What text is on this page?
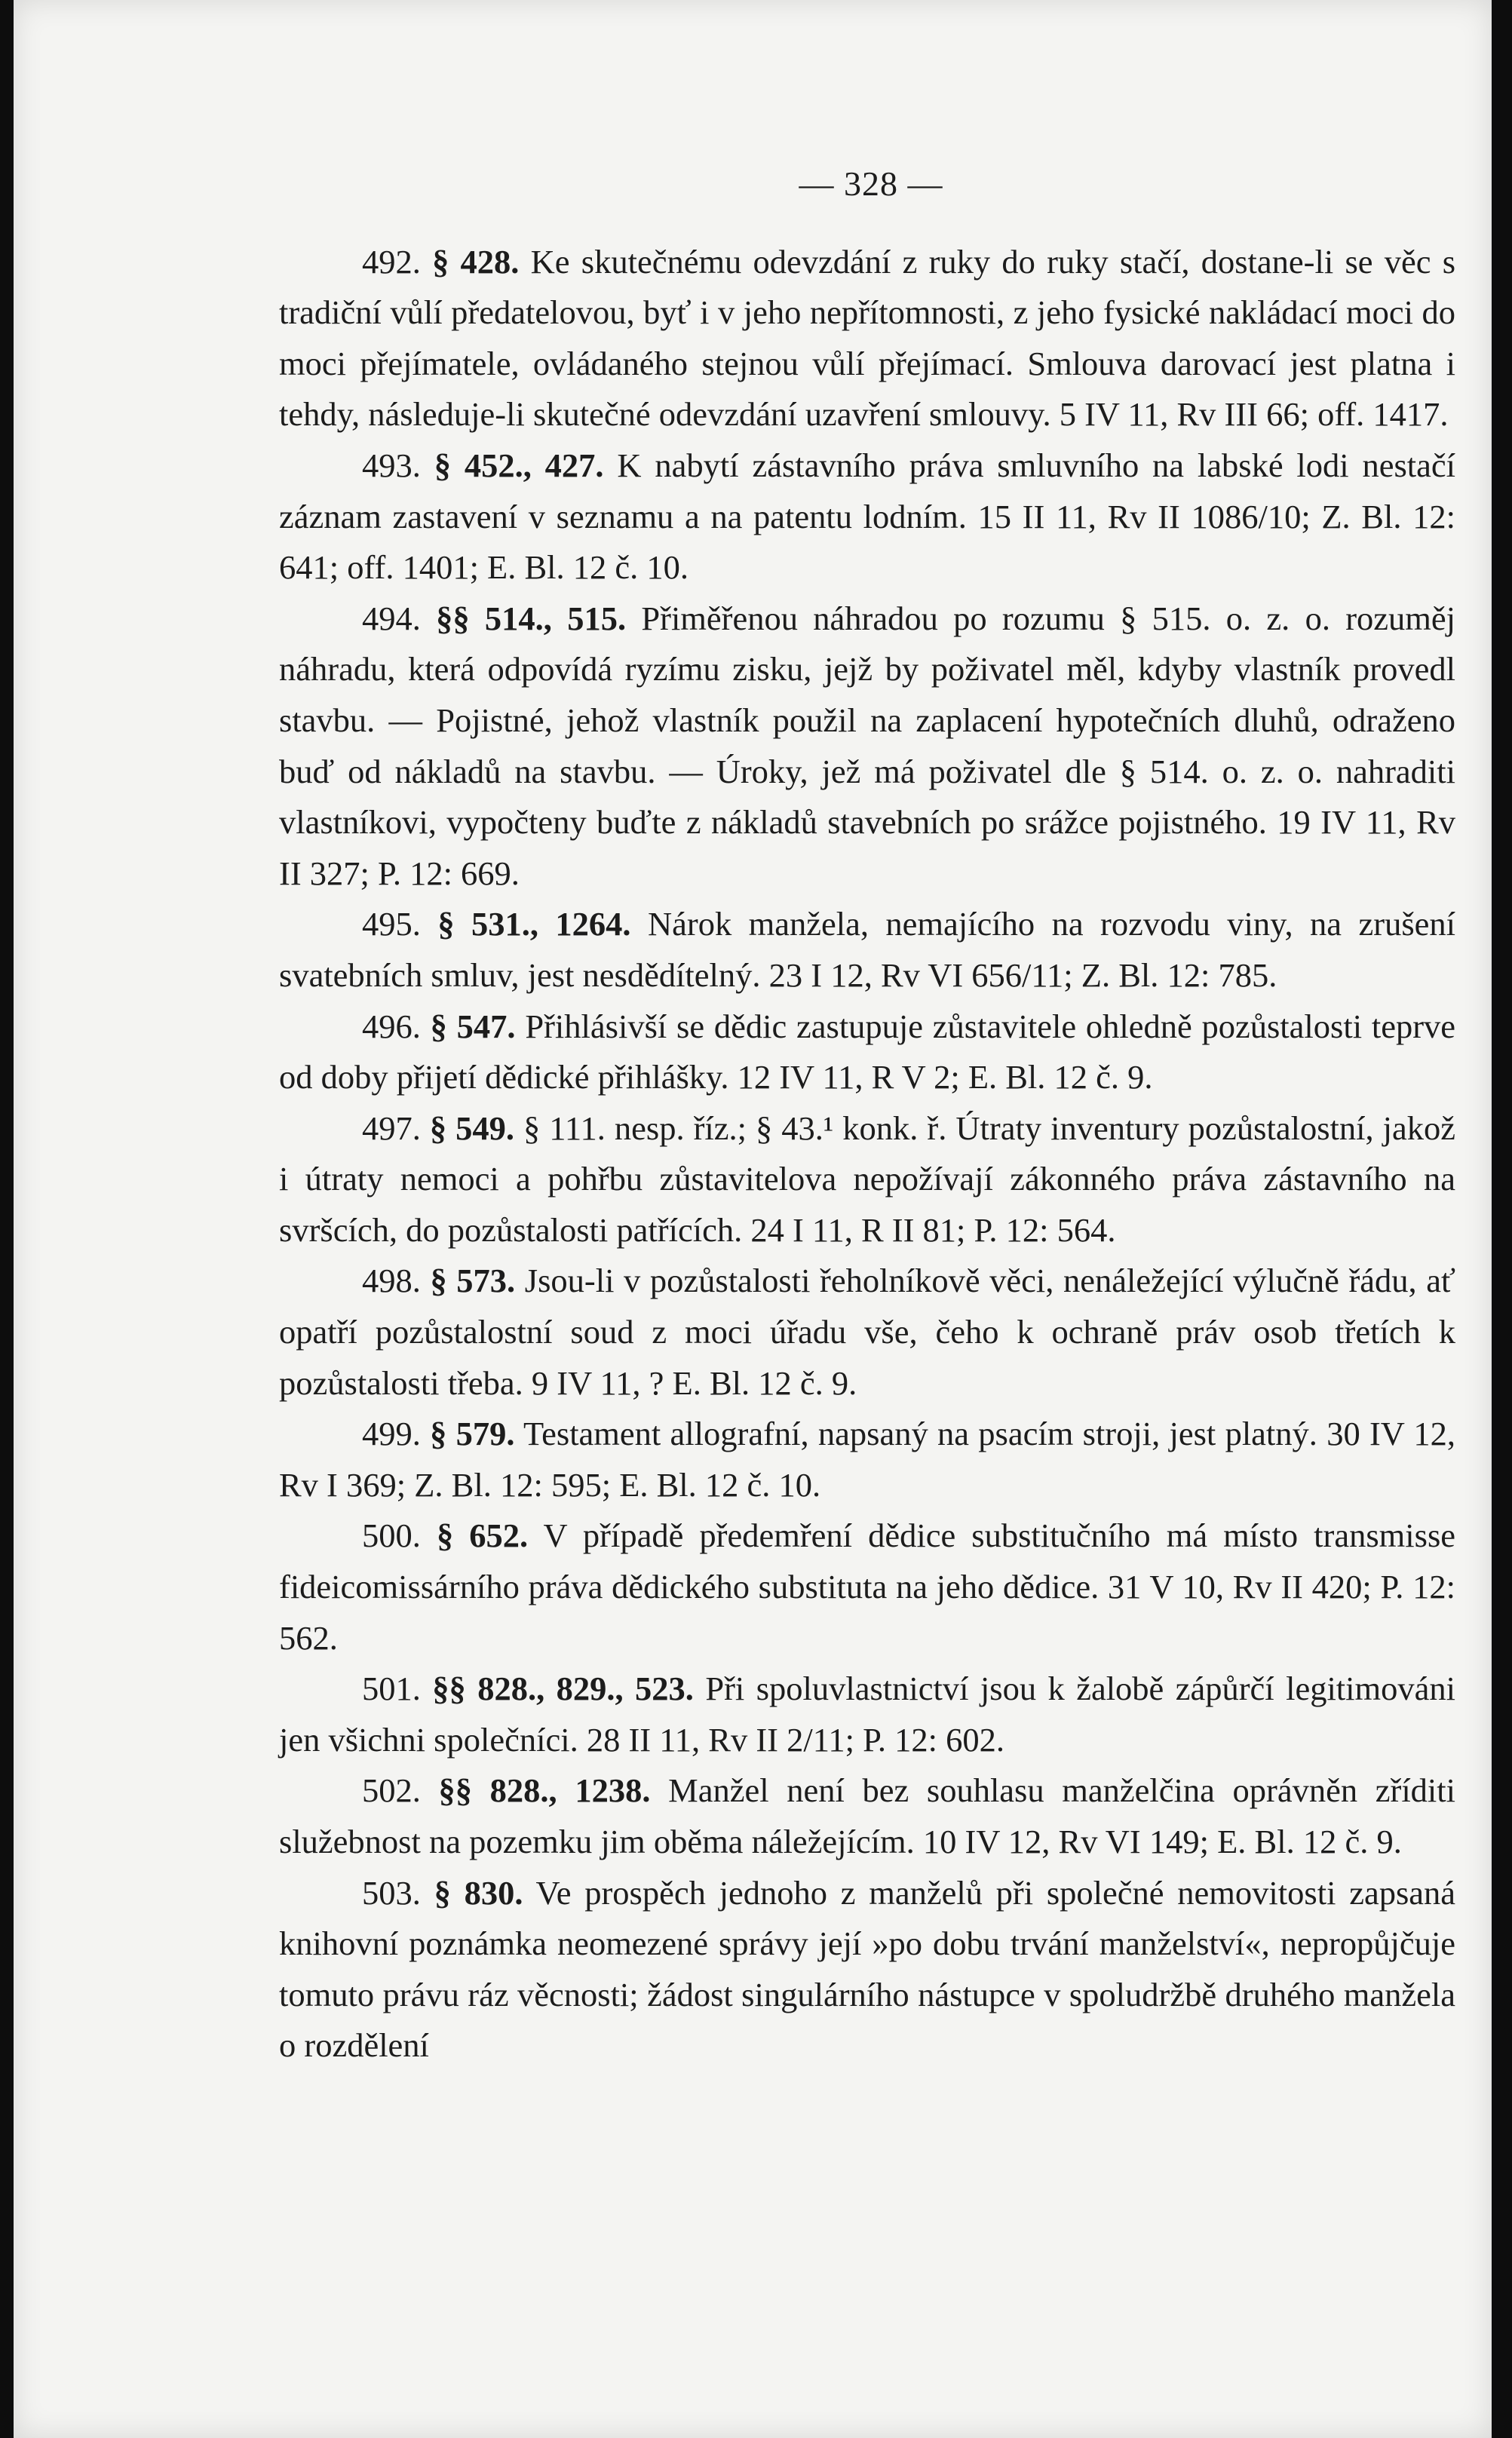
— 328 —

492. § 428. Ke skutečnému odevzdání z ruky do ruky stačí, dostane-li se věc s tradiční vůlí předatelovou, byť i v jeho nepřítomnosti, z jeho fysické nakládací moci do moci přejímatele, ovládaného stejnou vůlí přejímací. Smlouva darovací jest platna i tehdy, následuje-li skutečné odevzdání uzavření smlouvy. 5 IV 11, Rv III 66; off. 1417.

493. § 452., 427. K nabytí zástavního práva smluvního na labské lodi nestačí záznam zastavení v seznamu a na patentu lodním. 15 II 11, Rv II 1086/10; Z. Bl. 12: 641; off. 1401; E. Bl. 12 č. 10.

494. §§ 514., 515. Přiměřenou náhradou po rozumu § 515. o. z. o. rozuměj náhradu, která odpovídá ryzímu zisku, jejž by poživatel měl, kdyby vlastník provedl stavbu. — Pojistné, jehož vlastník použil na zaplacení hypotečních dluhů, odraženo buď od nákladů na stavbu. — Úroky, jež má poživatel dle § 514. o. z. o. nahraditi vlastníkovi, vypočteny buďte z nákladů stavebních po srážce pojistného. 19 IV 11, Rv II 327; P. 12: 669.

495. § 531., 1264. Nárok manžela, nemajícího na rozvodu viny, na zrušení svatebních smluv, jest nesdědítelný. 23 I 12, Rv VI 656/11; Z. Bl. 12: 785.

496. § 547. Přihlásivší se dědic zastupuje zůstavitele ohledně pozůstalosti teprve od doby přijetí dědické přihlášky. 12 IV 11, R V 2; E. Bl. 12 č. 9.

497. § 549. § 111. nesp. říz.; § 43.¹ konk. ř. Útraty inventury pozůstalostní, jakož i útraty nemoci a pohřbu zůstavitelova nepožívají zákonného práva zástavního na svršcích, do pozůstalosti patřících. 24 I 11, R II 81; P. 12: 564.

498. § 573. Jsou-li v pozůstalosti řeholníkově věci, nenáležející výlučně řádu, ať opatří pozůstalostní soud z moci úřadu vše, čeho k ochraně práv osob třetích k pozůstalosti třeba. 9 IV 11, ? E. Bl. 12 č. 9.

499. § 579. Testament allografní, napsaný na psacím stroji, jest platný. 30 IV 12, Rv I 369; Z. Bl. 12: 595; E. Bl. 12 č. 10.

500. § 652. V případě předemření dědice substitučního má místo transmisse fideicomissárního práva dědického substituta na jeho dědice. 31 V 10, Rv II 420; P. 12: 562.

501. §§ 828., 829., 523. Při spoluvlastnictví jsou k žalobě zápůrčí legitimováni jen všichni společníci. 28 II 11, Rv II 2/11; P. 12: 602.

502. §§ 828., 1238. Manžel není bez souhlasu manželčina oprávněn zříditi služebnost na pozemku jim oběma náležejícím. 10 IV 12, Rv VI 149; E. Bl. 12 č. 9.

503. § 830. Ve prospěch jednoho z manželů při společné nemovitosti zapsaná knihovní poznámka neomezené správy její »po dobu trvání manželství«, nepropůjčuje tomuto právu ráz věcnosti; žádost singulárního nástupce v spoludržbě druhého manžela o rozdělení
